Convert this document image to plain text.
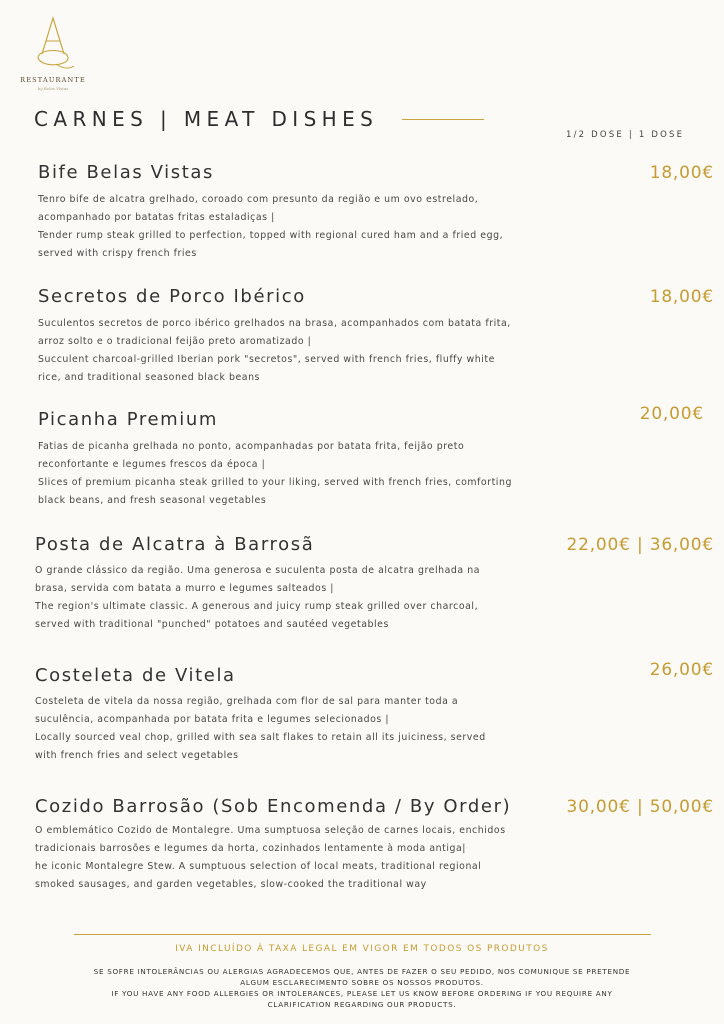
RESTAURANTE
by Belas Vistas
CARNES | MEAT DISHES
1/2 DOSE | 1 DOSE
Bife Belas Vistas	18,00€

Tenro bife de alcatra grelhado, coroado com presunto da região e um ovo estrelado,
acompanhado por batatas fritas estaladiças |
Tender rump steak grilled to perfection, topped with regional cured ham and a fried egg,
served with crispy french fries

Secretos de Porco Ibérico	18,00€

Suculentos secretos de porco ibérico grelhados na brasa, acompanhados com batata frita,
arroz solto e o tradicional feijão preto aromatizado |
Succulent charcoal-grilled Iberian pork "secretos", served with french fries, fluffy white
rice, and traditional seasoned black beans

Picanha Premium	20,00€

Fatias de picanha grelhada no ponto, acompanhadas por batata frita, feijão preto
reconfortante e legumes frescos da época |
Slices of premium picanha steak grilled to your liking, served with french fries, comforting
black beans, and fresh seasonal vegetables

Posta de Alcatra à Barrosã	22,00€ | 36,00€

O grande clássico da região. Uma generosa e suculenta posta de alcatra grelhada na
brasa, servida com batata a murro e legumes salteados |
The region's ultimate classic. A generous and juicy rump steak grilled over charcoal,
served with traditional "punched" potatoes and sautéed vegetables

Costeleta de Vitela	26,00€

Costeleta de vitela da nossa região, grelhada com flor de sal para manter toda a
suculência, acompanhada por batata frita e legumes selecionados |
Locally sourced veal chop, grilled with sea salt flakes to retain all its juiciness, served
with french fries and select vegetables

Cozido Barrosão (Sob Encomenda / By Order)	30,00€ | 50,00€

O emblemático Cozido de Montalegre. Uma sumptuosa seleção de carnes locais, enchidos
tradicionais barrosões e legumes da horta, cozinhados lentamente à moda antiga|
he iconic Montalegre Stew. A sumptuous selection of local meats, traditional regional
smoked sausages, and garden vegetables, slow-cooked the traditional way

IVA INCLUÍDO À TAXA LEGAL EM VIGOR EM TODOS OS PRODUTOS
SE SOFRE INTOLERÂNCIAS OU ALERGIAS AGRADECEMOS QUE, ANTES DE FAZER O SEU PEDIDO, NOS COMUNIQUE SE PRETENDE
ALGUM ESCLARECIMENTO SOBRE OS NOSSOS PRODUTOS.
IF YOU HAVE ANY FOOD ALLERGIES OR INTOLERANCES, PLEASE LET US KNOW BEFORE ORDERING IF YOU REQUIRE ANY
CLARIFICATION REGARDING OUR PRODUCTS.
